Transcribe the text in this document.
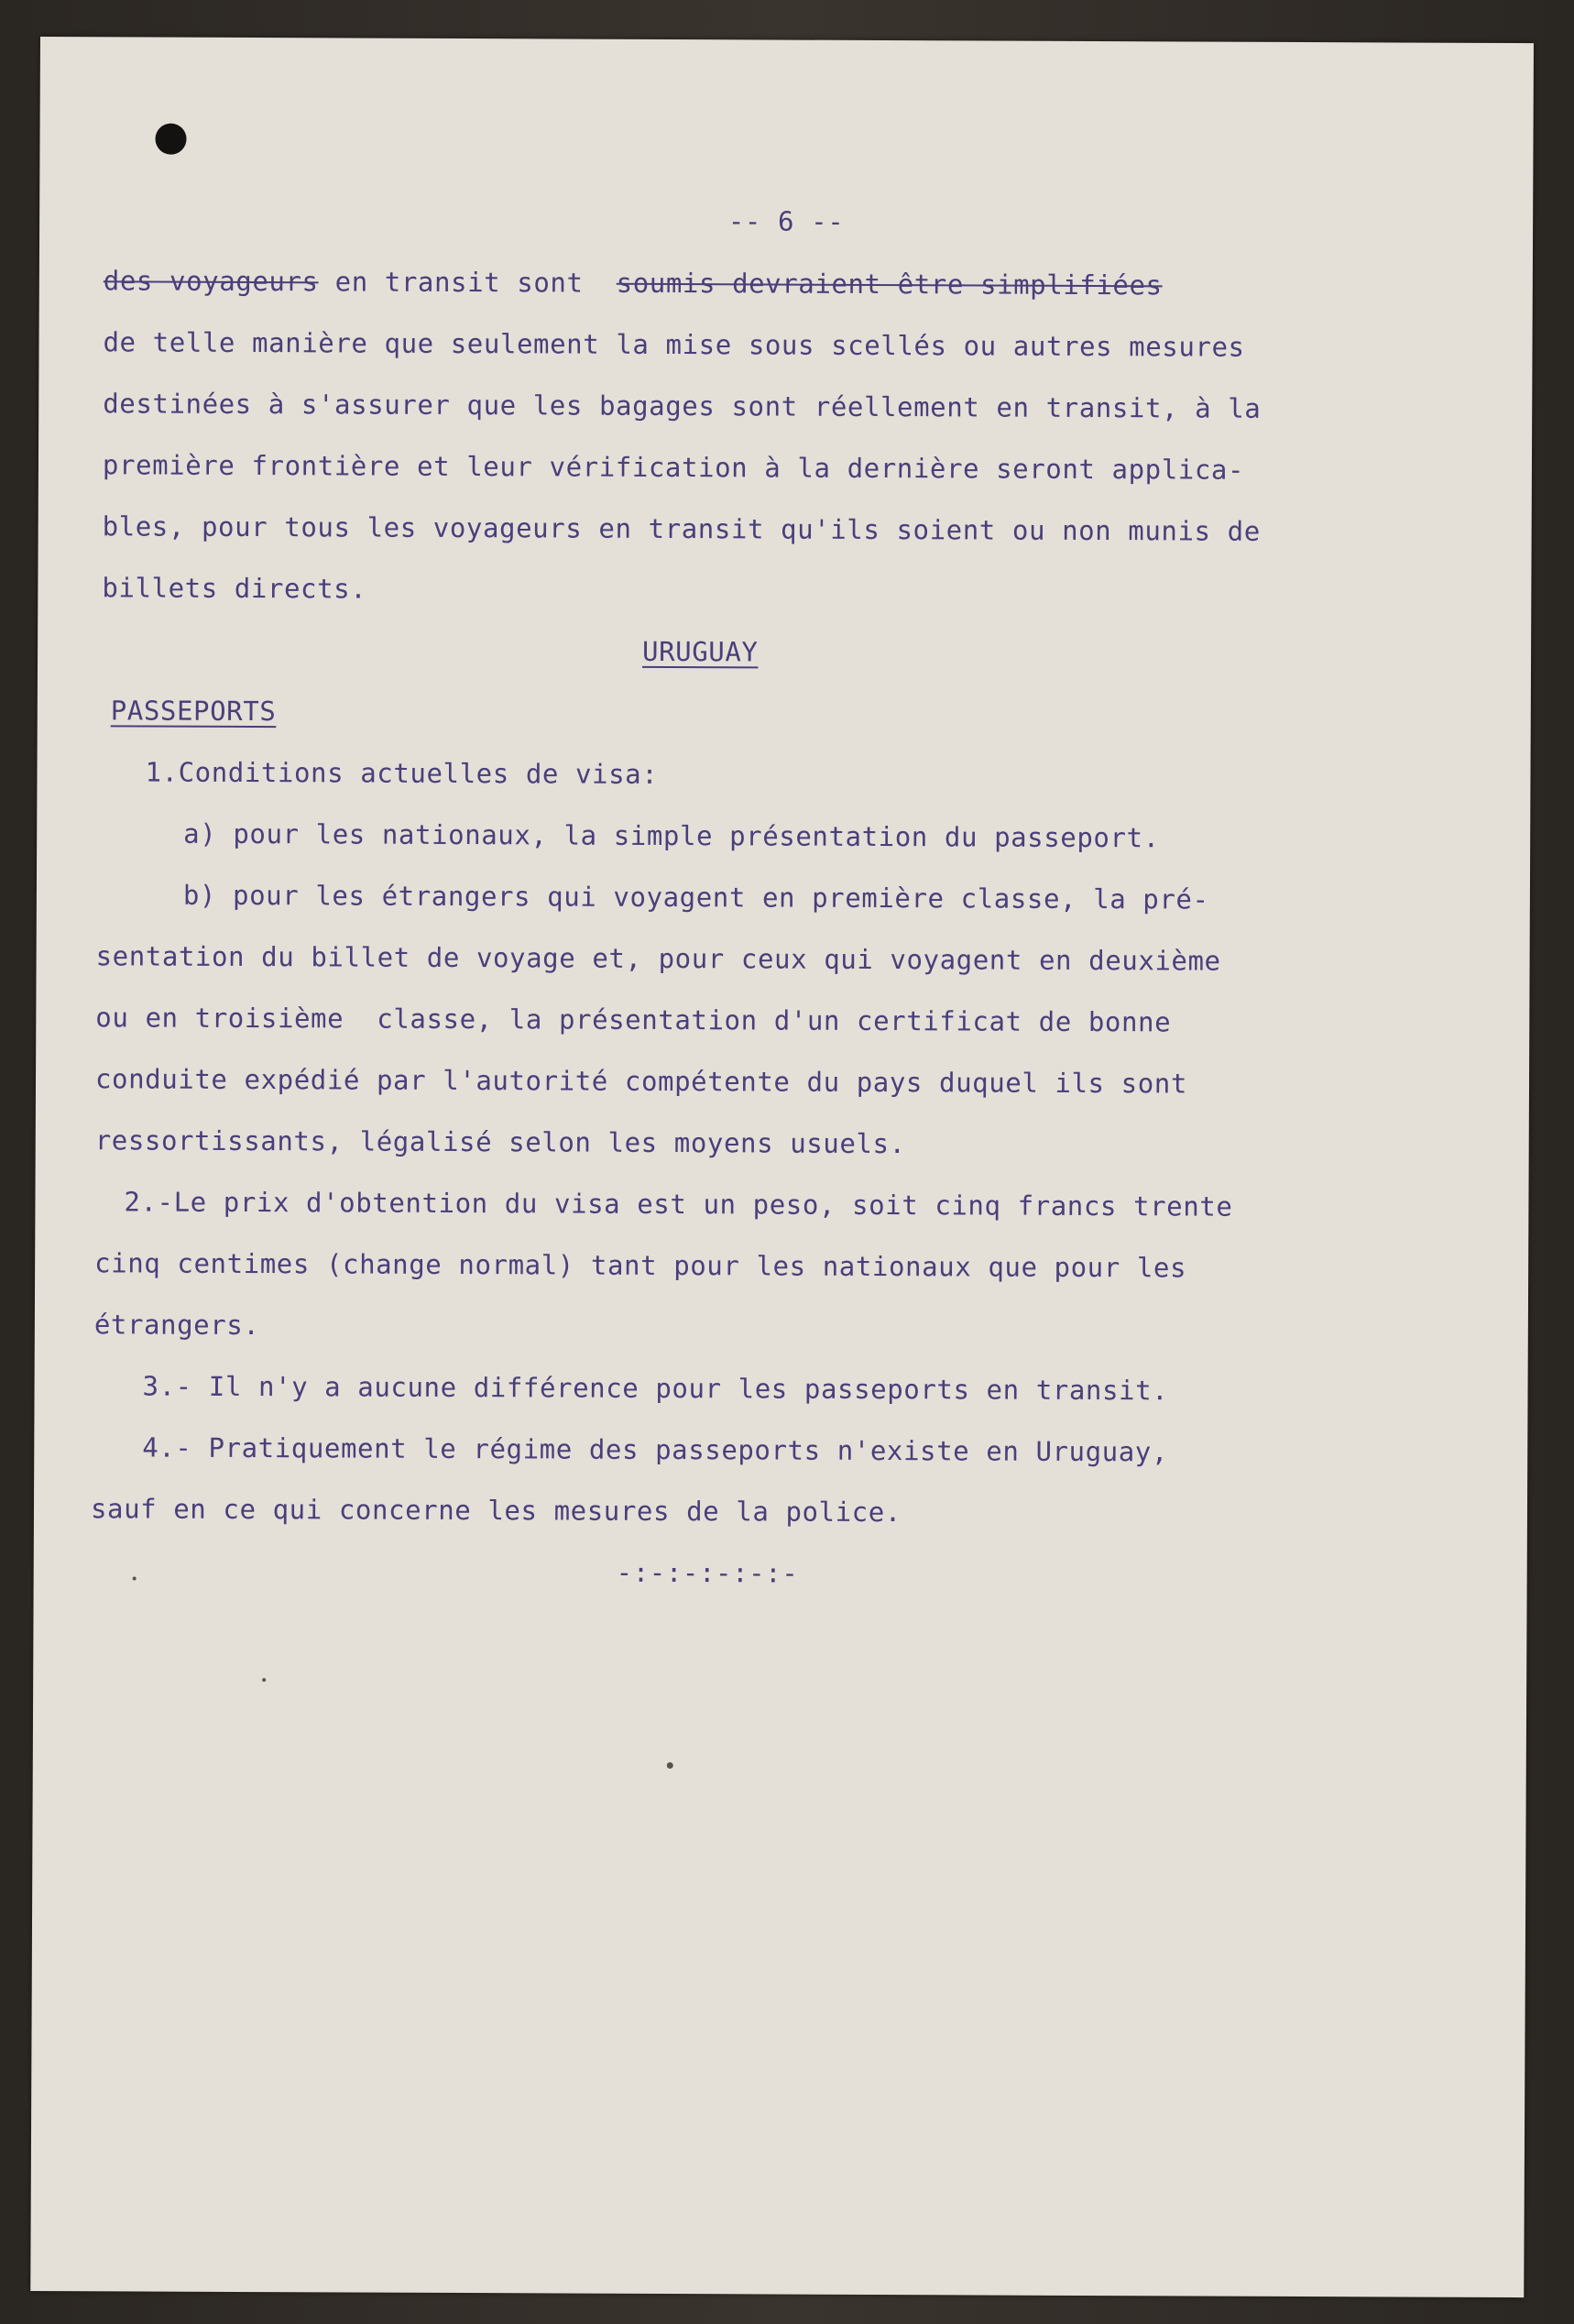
-- 6 --
des voyageurs en transit sont  soumis devraient être simplifiées
de telle manière que seulement la mise sous scellés ou autres mesures
destinées à s'assurer que les bagages sont réellement en transit, à la
première frontière et leur vérification à la dernière seront applica-
bles, pour tous les voyageurs en transit qu'ils soient ou non munis de
billets directs.
URUGUAY
PASSEPORTS
1.Conditions actuelles de visa:
a) pour les nationaux, la simple présentation du passeport.
b) pour les étrangers qui voyagent en première classe, la pré-
sentation du billet de voyage et, pour ceux qui voyagent en deuxième
ou en troisième  classe, la présentation d'un certificat de bonne
conduite expédié par l'autorité compétente du pays duquel ils sont
ressortissants, légalisé selon les moyens usuels.
2.-Le prix d'obtention du visa est un peso, soit cinq francs trente
cinq centimes (change normal) tant pour les nationaux que pour les
étrangers.
3.- Il n'y a aucune différence pour les passeports en transit.
4.- Pratiquement le régime des passeports n'existe en Uruguay,
sauf en ce qui concerne les mesures de la police.
-:-:-:-:-:-
